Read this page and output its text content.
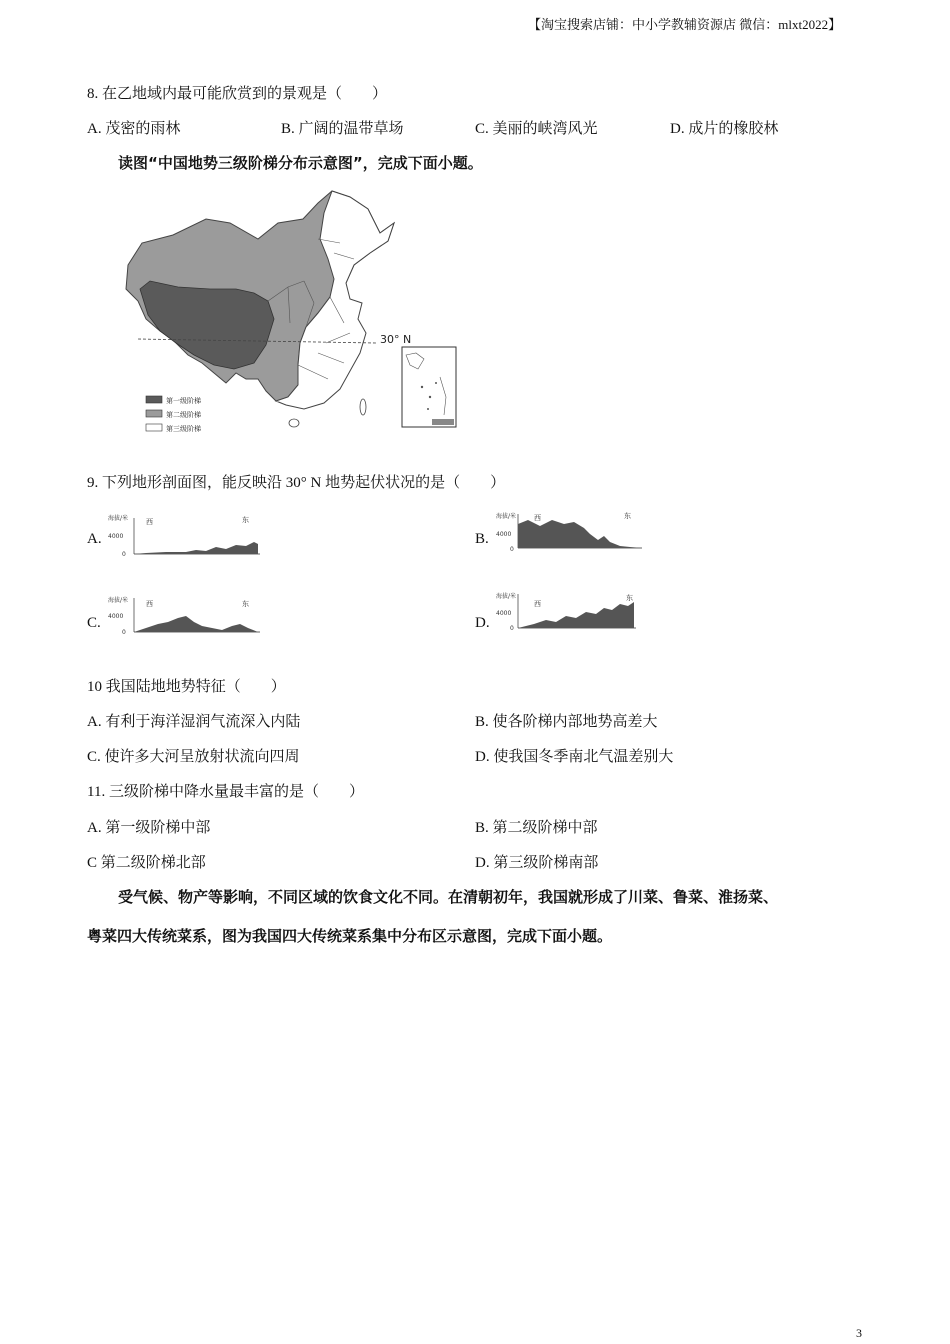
【淘宝搜索店铺：中小学教辅资源店 微信：mlxt2022】
8. 在乙地域内最可能欣赏到的景观是（　　）
A. 茂密的雨林	B. 广阔的温带草场	C. 美丽的峡湾风光	D. 成片的橡胶林
读图“中国地势三级阶梯分布示意图”，完成下面小题。
30° N
第一级阶梯
第二级阶梯
第三级阶梯
9. 下列地形剖面图，能反映沿 30° N 地势起伏状况的是（　　）
A.
海拔/米
4000
0
西	东
B.
海拔/米
4000
0
西	东
C.
海拔/米
4000
0
西	东
D.
海拔/米
4000
0
西
东
10 我国陆地地势特征（　　）
A. 有利于海洋湿润气流深入内陆	B. 使各阶梯内部地势高差大
C. 使许多大河呈放射状流向四周	D. 使我国冬季南北气温差别大
11. 三级阶梯中降水量最丰富的是（　　）
A. 第一级阶梯中部	B. 第二级阶梯中部
C 第二级阶梯北部	D. 第三级阶梯南部
受气候、物产等影响，不同区域的饮食文化不同。在清朝初年，我国就形成了川菜、鲁菜、淮扬菜、
粤菜四大传统菜系，图为我国四大传统菜系集中分布区示意图，完成下面小题。
3
